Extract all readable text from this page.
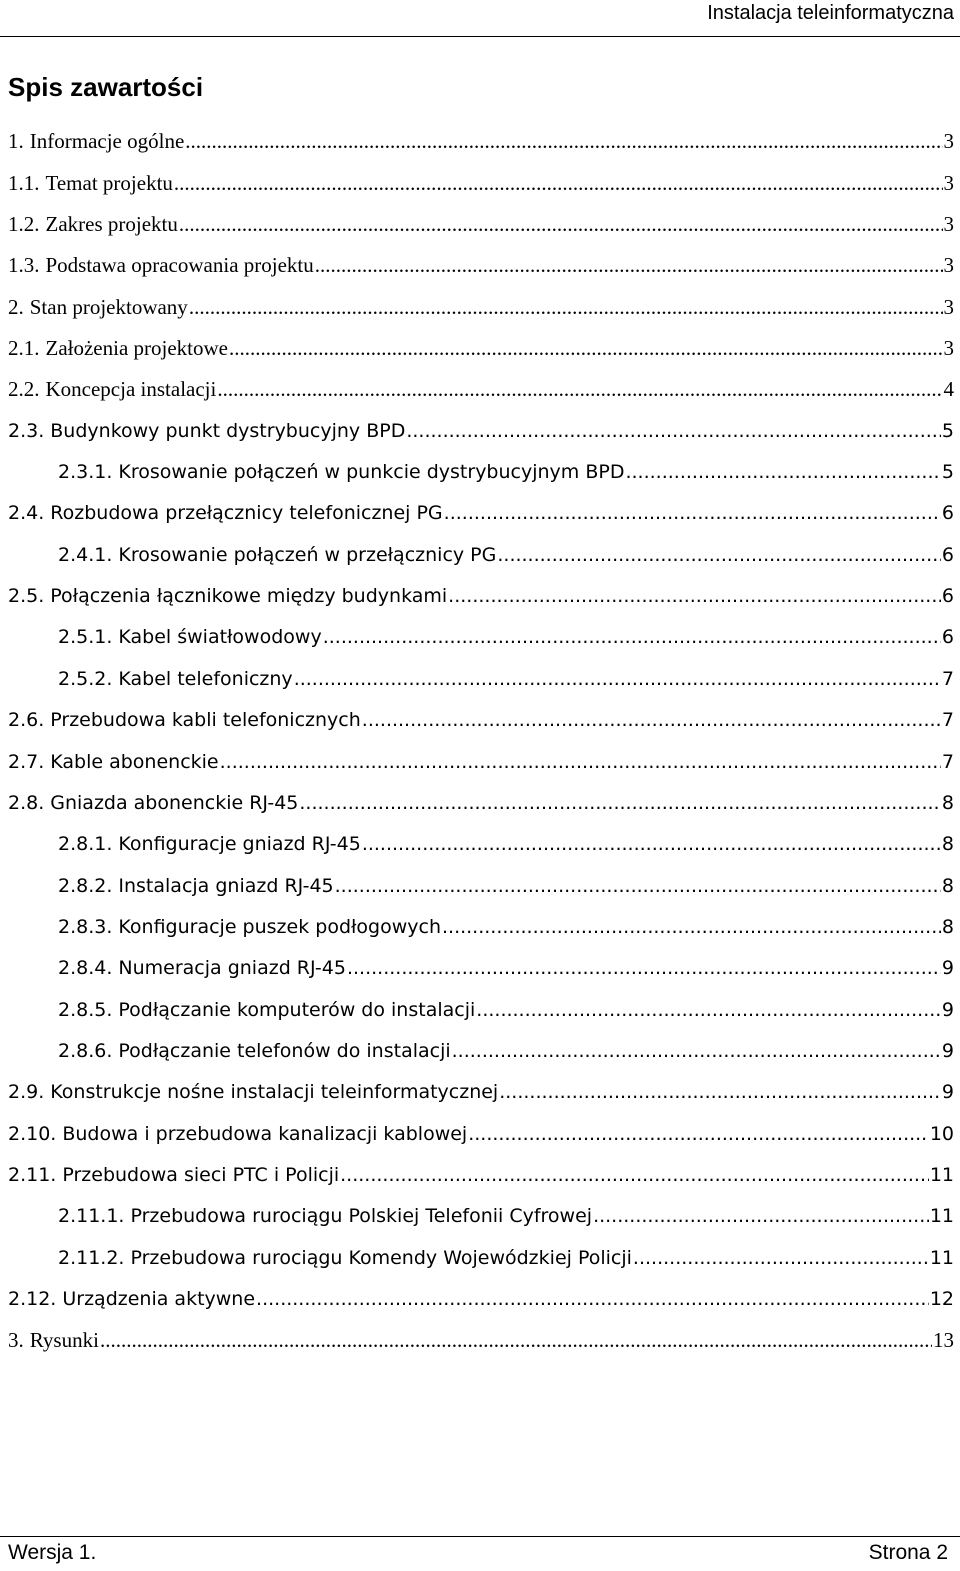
Instalacja teleinformatyczna
Spis zawartości
1. Informacje ogólne .....	3
1.1. Temat projektu .....	3
1.2. Zakres projektu .....	3
1.3. Podstawa opracowania projektu .....	3
2. Stan projektowany .....	3
2.1. Założenia projektowe .....	3
2.2. Koncepcja instalacji .....	4
2.3. Budynkowy punkt dystrybucyjny BPD .....	5
2.3.1. Krosowanie połączeń w punkcie dystrybucyjnym BPD .....	5
2.4. Rozbudowa przełącznicy telefonicznej PG .....	6
2.4.1. Krosowanie połączeń w przełącznicy PG .....	6
2.5. Połączenia łącznikowe między budynkami .....	6
2.5.1. Kabel światłowodowy .....	6
2.5.2. Kabel telefoniczny .....	7
2.6. Przebudowa kabli telefonicznych .....	7
2.7. Kable abonenckie .....	7
2.8. Gniazda abonenckie RJ-45 .....	8
2.8.1. Konfiguracje gniazd RJ-45 .....	8
2.8.2. Instalacja gniazd RJ-45 .....	8
2.8.3. Konfiguracje puszek podłogowych .....	8
2.8.4. Numeracja gniazd RJ-45 .....	9
2.8.5. Podłączanie komputerów do instalacji .....	9
2.8.6. Podłączanie telefonów do instalacji .....	9
2.9. Konstrukcje nośne instalacji teleinformatycznej .....	9
2.10. Budowa i przebudowa kanalizacji kablowej .....	10
2.11. Przebudowa sieci PTC i Policji .....	11
2.11.1. Przebudowa rurociągu Polskiej Telefonii Cyfrowej .....	11
2.11.2. Przebudowa rurociągu Komendy Wojewódzkiej Policji .....	11
2.12. Urządzenia aktywne .....	12
3. Rysunki .....	13
Wersja 1.	Strona 2
